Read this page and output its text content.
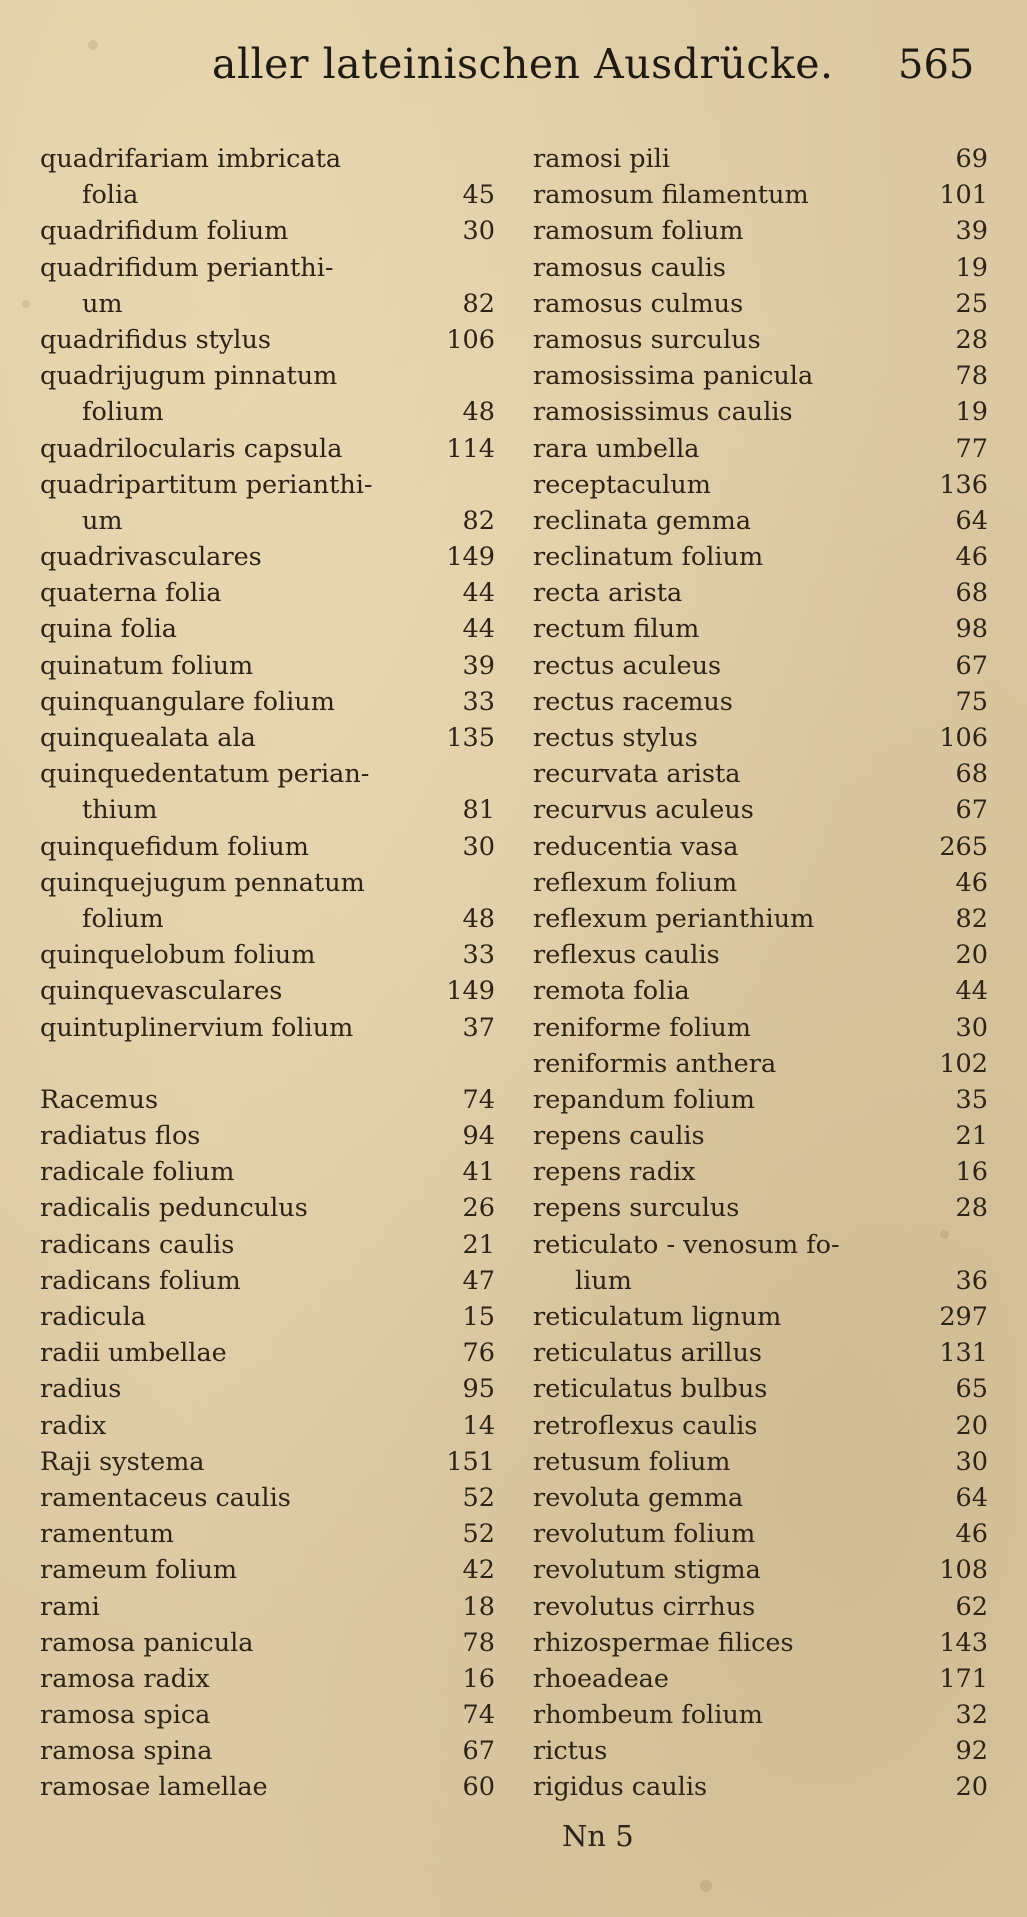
aller lateinischen Ausdrücke. 565
quadrifariam imbricata
folia	45
quadrifidum folium	30
quadrifidum perianthi-
um	82
quadrifidus stylus	106
quadrijugum pinnatum
folium	48
quadrilocularis capsula	114
quadripartitum perianthi-
um	82
quadrivasculares	149
quaterna folia	44
quina folia	44
quinatum folium	39
quinquangulare folium	33
quinquealata ala	135
quinquedentatum perian-
thium	81
quinquefidum folium	30
quinquejugum pennatum
folium	48
quinquelobum folium	33
quinquevasculares	149
quintuplinervium folium	37
Racemus	74
radiatus flos	94
radicale folium	41
radicalis pedunculus	26
radicans caulis	21
radicans folium	47
radicula	15
radii umbellae	76
radius	95
radix	14
Raji systema	151
ramentaceus caulis	52
ramentum	52
rameum folium	42
rami	18
ramosa panicula	78
ramosa radix	16
ramosa spica	74
ramosa spina	67
ramosae lamellae	60
ramosi pili	69
ramosum filamentum	101
ramosum folium	39
ramosus caulis	19
ramosus culmus	25
ramosus surculus	28
ramosissima panicula	78
ramosissimus caulis	19
rara umbella	77
receptaculum	136
reclinata gemma	64
reclinatum folium	46
recta arista	68
rectum filum	98
rectus aculeus	67
rectus racemus	75
rectus stylus	106
recurvata arista	68
recurvus aculeus	67
reducentia vasa	265
reflexum folium	46
reflexum perianthium	82
reflexus caulis	20
remota folia	44
reniforme folium	30
reniformis anthera	102
repandum folium	35
repens caulis	21
repens radix	16
repens surculus	28
reticulato - venosum fo-
lium	36
reticulatum lignum	297
reticulatus arillus	131
reticulatus bulbus	65
retroflexus caulis	20
retusum folium	30
revoluta gemma	64
revolutum folium	46
revolutum stigma	108
revolutus cirrhus	62
rhizospermae filices	143
rhoeadeae	171
rhombeum folium	32
rictus	92
rigidus caulis	20
Nn 5
